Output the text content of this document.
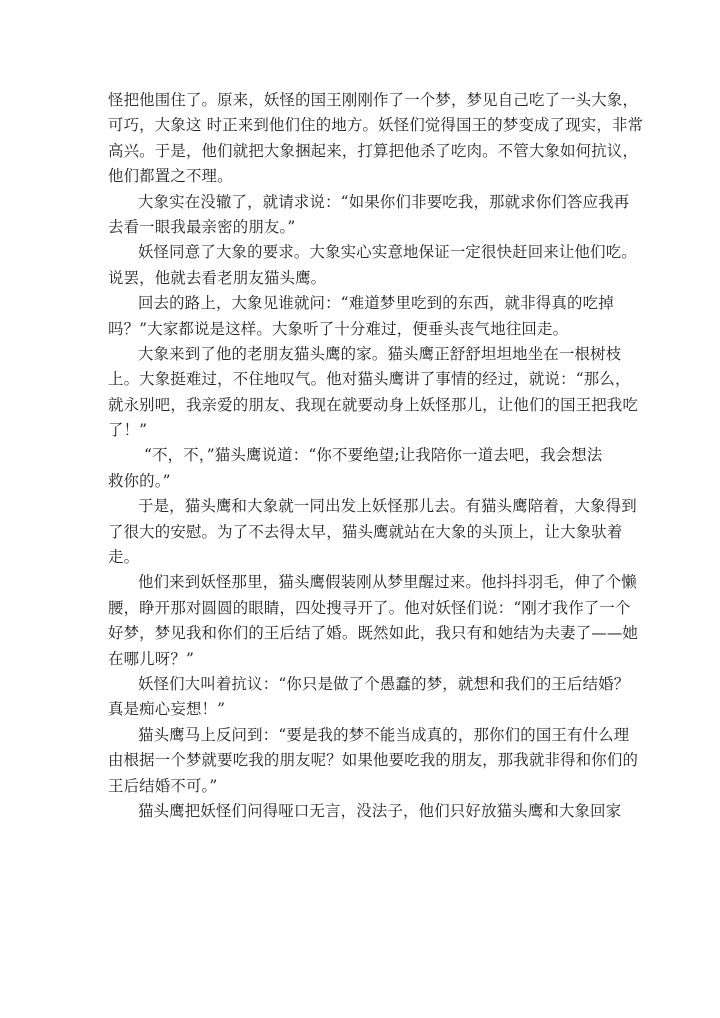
怪把他围住了。原来，妖怪的国王刚刚作了一个梦，梦见自己吃了一头大象，
可巧，大象这 时正来到他们住的地方。妖怪们觉得国王的梦变成了现实，非常
高兴。于是，他们就把大象捆起来，打算把他杀了吃肉。不管大象如何抗议，
他们都置之不理。
大象实在没辙了，就请求说：“如果你们非要吃我，那就求你们答应我再
去看一眼我最亲密的朋友。”
妖怪同意了大象的要求。大象实心实意地保证一定很快赶回来让他们吃。
说罢，他就去看老朋友猫头鹰。
回去的路上，大象见谁就问：“难道梦里吃到的东西，就非得真的吃掉
吗？”大家都说是这样。大象听了十分难过，便垂头丧气地往回走。
大象来到了他的老朋友猫头鹰的家。猫头鹰正舒舒坦坦地坐在一根树枝
上。大象挺难过，不住地叹气。他对猫头鹰讲了事情的经过，就说：“那么，
就永别吧，我亲爱的朋友、我现在就要动身上妖怪那儿，让他们的国王把我吃
了！”
“不，不，”猫头鹰说道：“你不要绝望;让我陪你一道去吧，我会想法
救你的。”
于是，猫头鹰和大象就一同出发上妖怪那儿去。有猫头鹰陪着，大象得到
了很大的安慰。为了不去得太早，猫头鹰就站在大象的头顶上，让大象驮着
走。
他们来到妖怪那里，猫头鹰假装刚从梦里醒过来。他抖抖羽毛，伸了个懒
腰，睁开那对圆圆的眼睛，四处搜寻开了。他对妖怪们说：“刚才我作了一个
好梦，梦见我和你们的王后结了婚。既然如此，我只有和她结为夫妻了——她
在哪儿呀？”
妖怪们大叫着抗议：“你只是做了个愚蠢的梦，就想和我们的王后结婚？
真是痴心妄想！”
猫头鹰马上反问到：“要是我的梦不能当成真的，那你们的国王有什么理
由根据一个梦就要吃我的朋友呢？如果他要吃我的朋友，那我就非得和你们的
王后结婚不可。”
猫头鹰把妖怪们问得哑口无言，没法子，他们只好放猫头鹰和大象回家
